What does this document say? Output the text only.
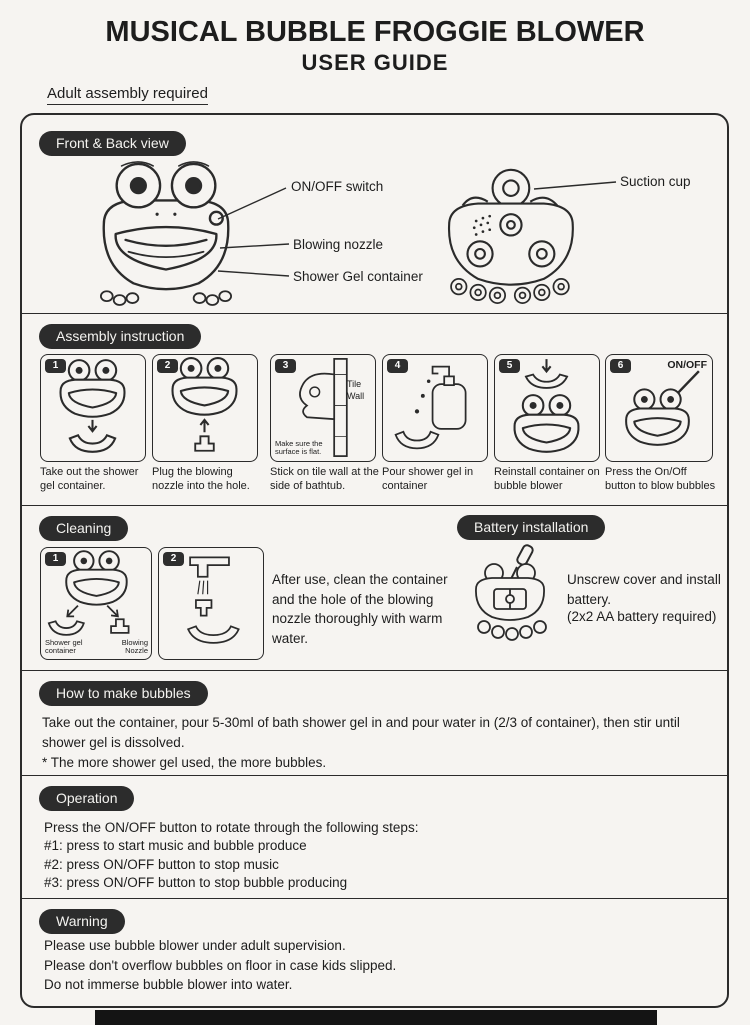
MUSICAL BUBBLE FROGGIE BLOWER
USER GUIDE
Adult assembly required
Front & Back view
ON/OFF switch
Blowing nozzle
Shower Gel container
Suction cup
Assembly instruction
1	2	3
Tile
Wall
Make sure the surface is flat.
4	5	6	ON/OFF
Take out the shower gel container.
Plug the blowing nozzle into the hole.
Stick on tile wall at the side of bathtub.
Pour shower gel in container
Reinstall container on bubble blower
Press the On/Off button to blow bubbles
Cleaning	Battery installation
1
Shower gel container
Blowing Nozzle
2
After use, clean the container and the hole of the blowing nozzle thoroughly with warm water.
Unscrew cover and install battery.
(2x2 AA battery required)
How to make bubbles
Take out the container, pour 5-30ml of bath shower gel in and pour water in (2/3 of container), then stir until shower gel is dissolved.
* The more shower gel used, the more bubbles.
Operation
Press the ON/OFF button to rotate through the following steps:
#1: press to start music and bubble produce
#2: press ON/OFF button to stop music
#3: press ON/OFF button to stop bubble producing
Warning
Please use bubble blower under adult supervision.
Please don't overflow bubbles on floor in case kids slipped.
Do not immerse bubble blower into water.
